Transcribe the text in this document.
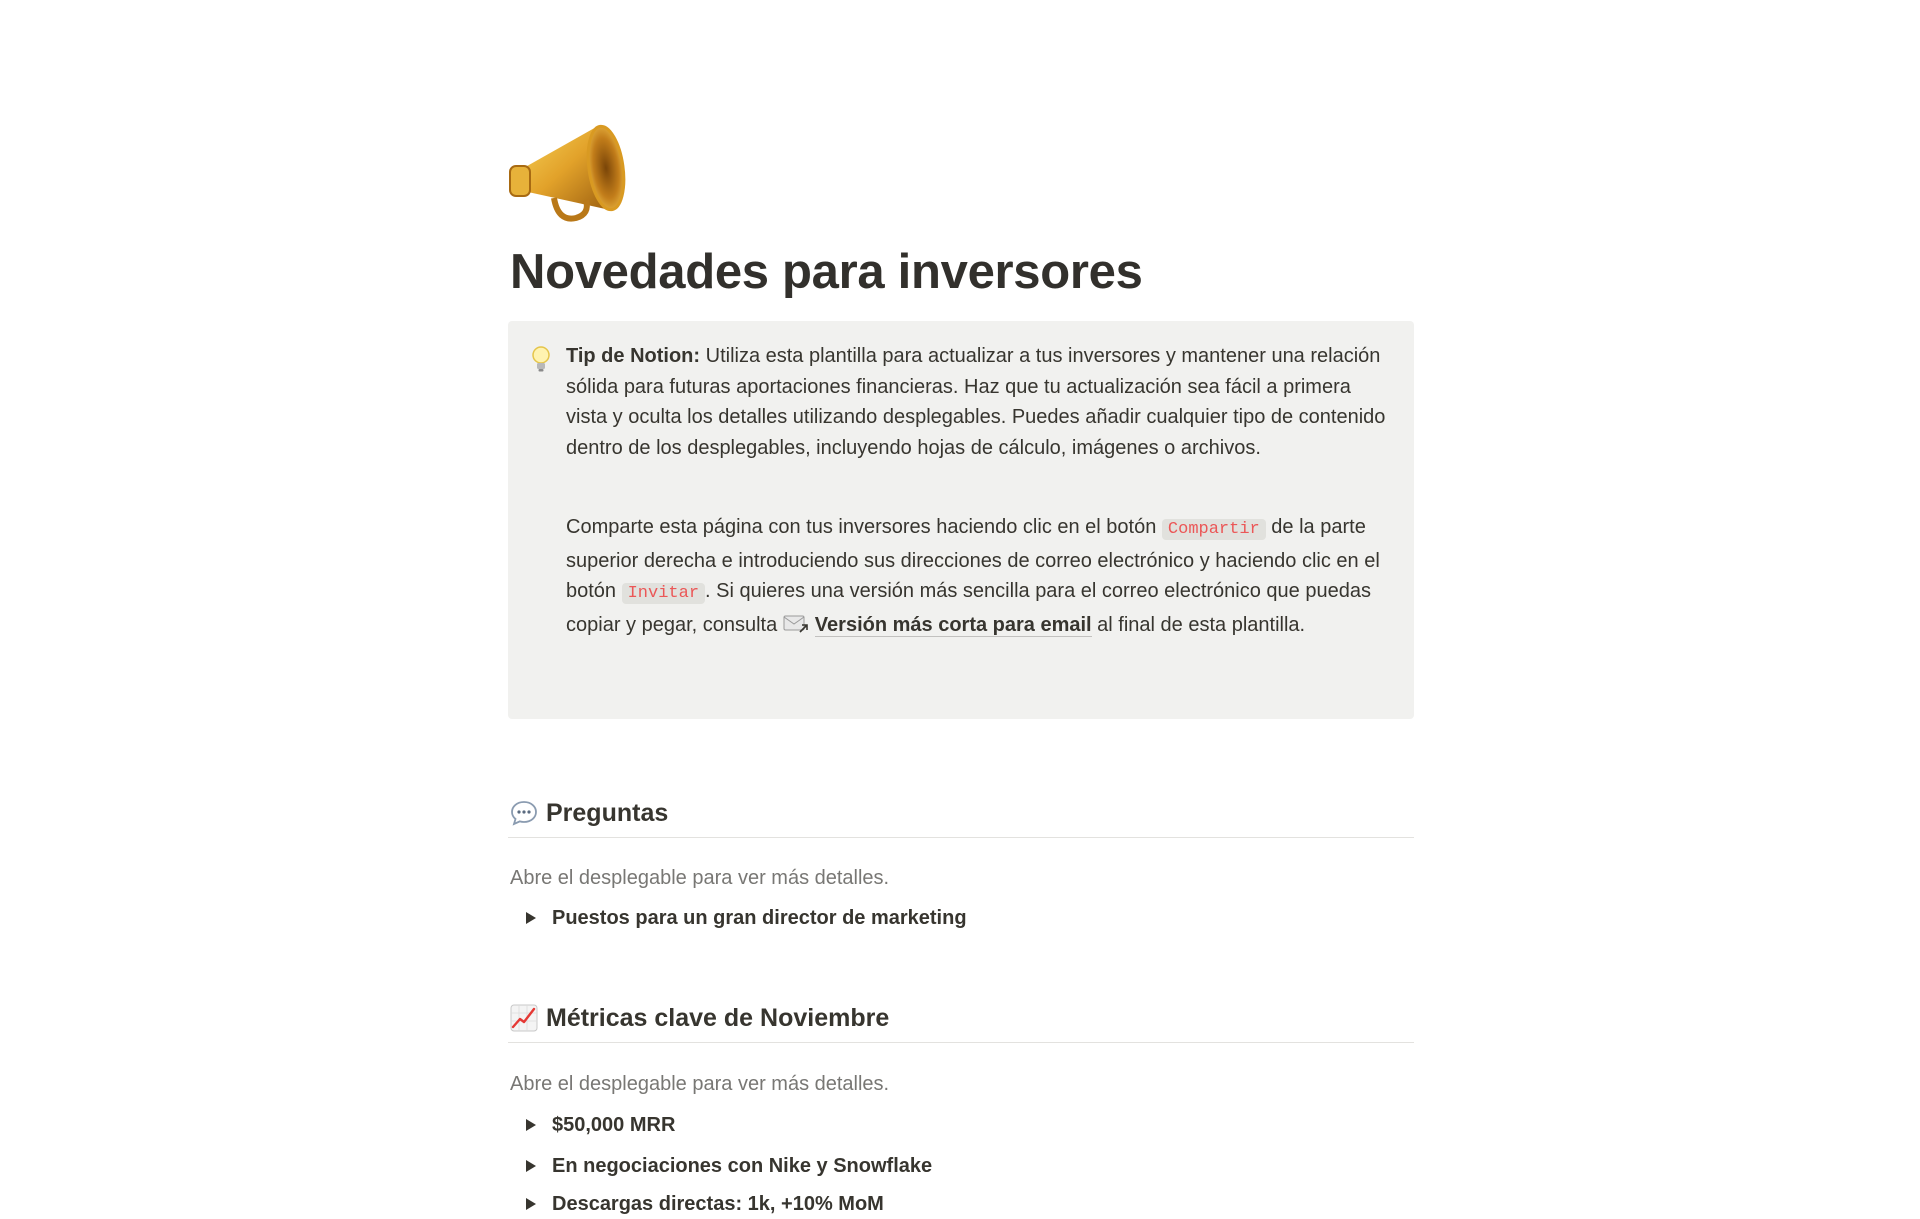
Novedades para inversores

Tip de Notion: Utiliza esta plantilla para actualizar a tus inversores y mantener una relación sólida para futuras aportaciones financieras. Haz que tu actualización sea fácil a primera vista y oculta los detalles utilizando desplegables. Puedes añadir cualquier tipo de contenido dentro de los desplegables, incluyendo hojas de cálculo, imágenes o archivos.

Comparte esta página con tus inversores haciendo clic en el botón Compartir de la parte superior derecha e introduciendo sus direcciones de correo electrónico y haciendo clic en el botón Invitar . Si quieres una versión más sencilla para el correo electrónico que puedas copiar y pegar, consulta Versión más corta para email al final de esta plantilla.

Preguntas
Abre el desplegable para ver más detalles.
Puestos para un gran director de marketing
Métricas clave de Noviembre
Abre el desplegable para ver más detalles.
$50,000 MRR
En negociaciones con Nike y Snowflake
Descargas directas: 1k, +10% MoM
